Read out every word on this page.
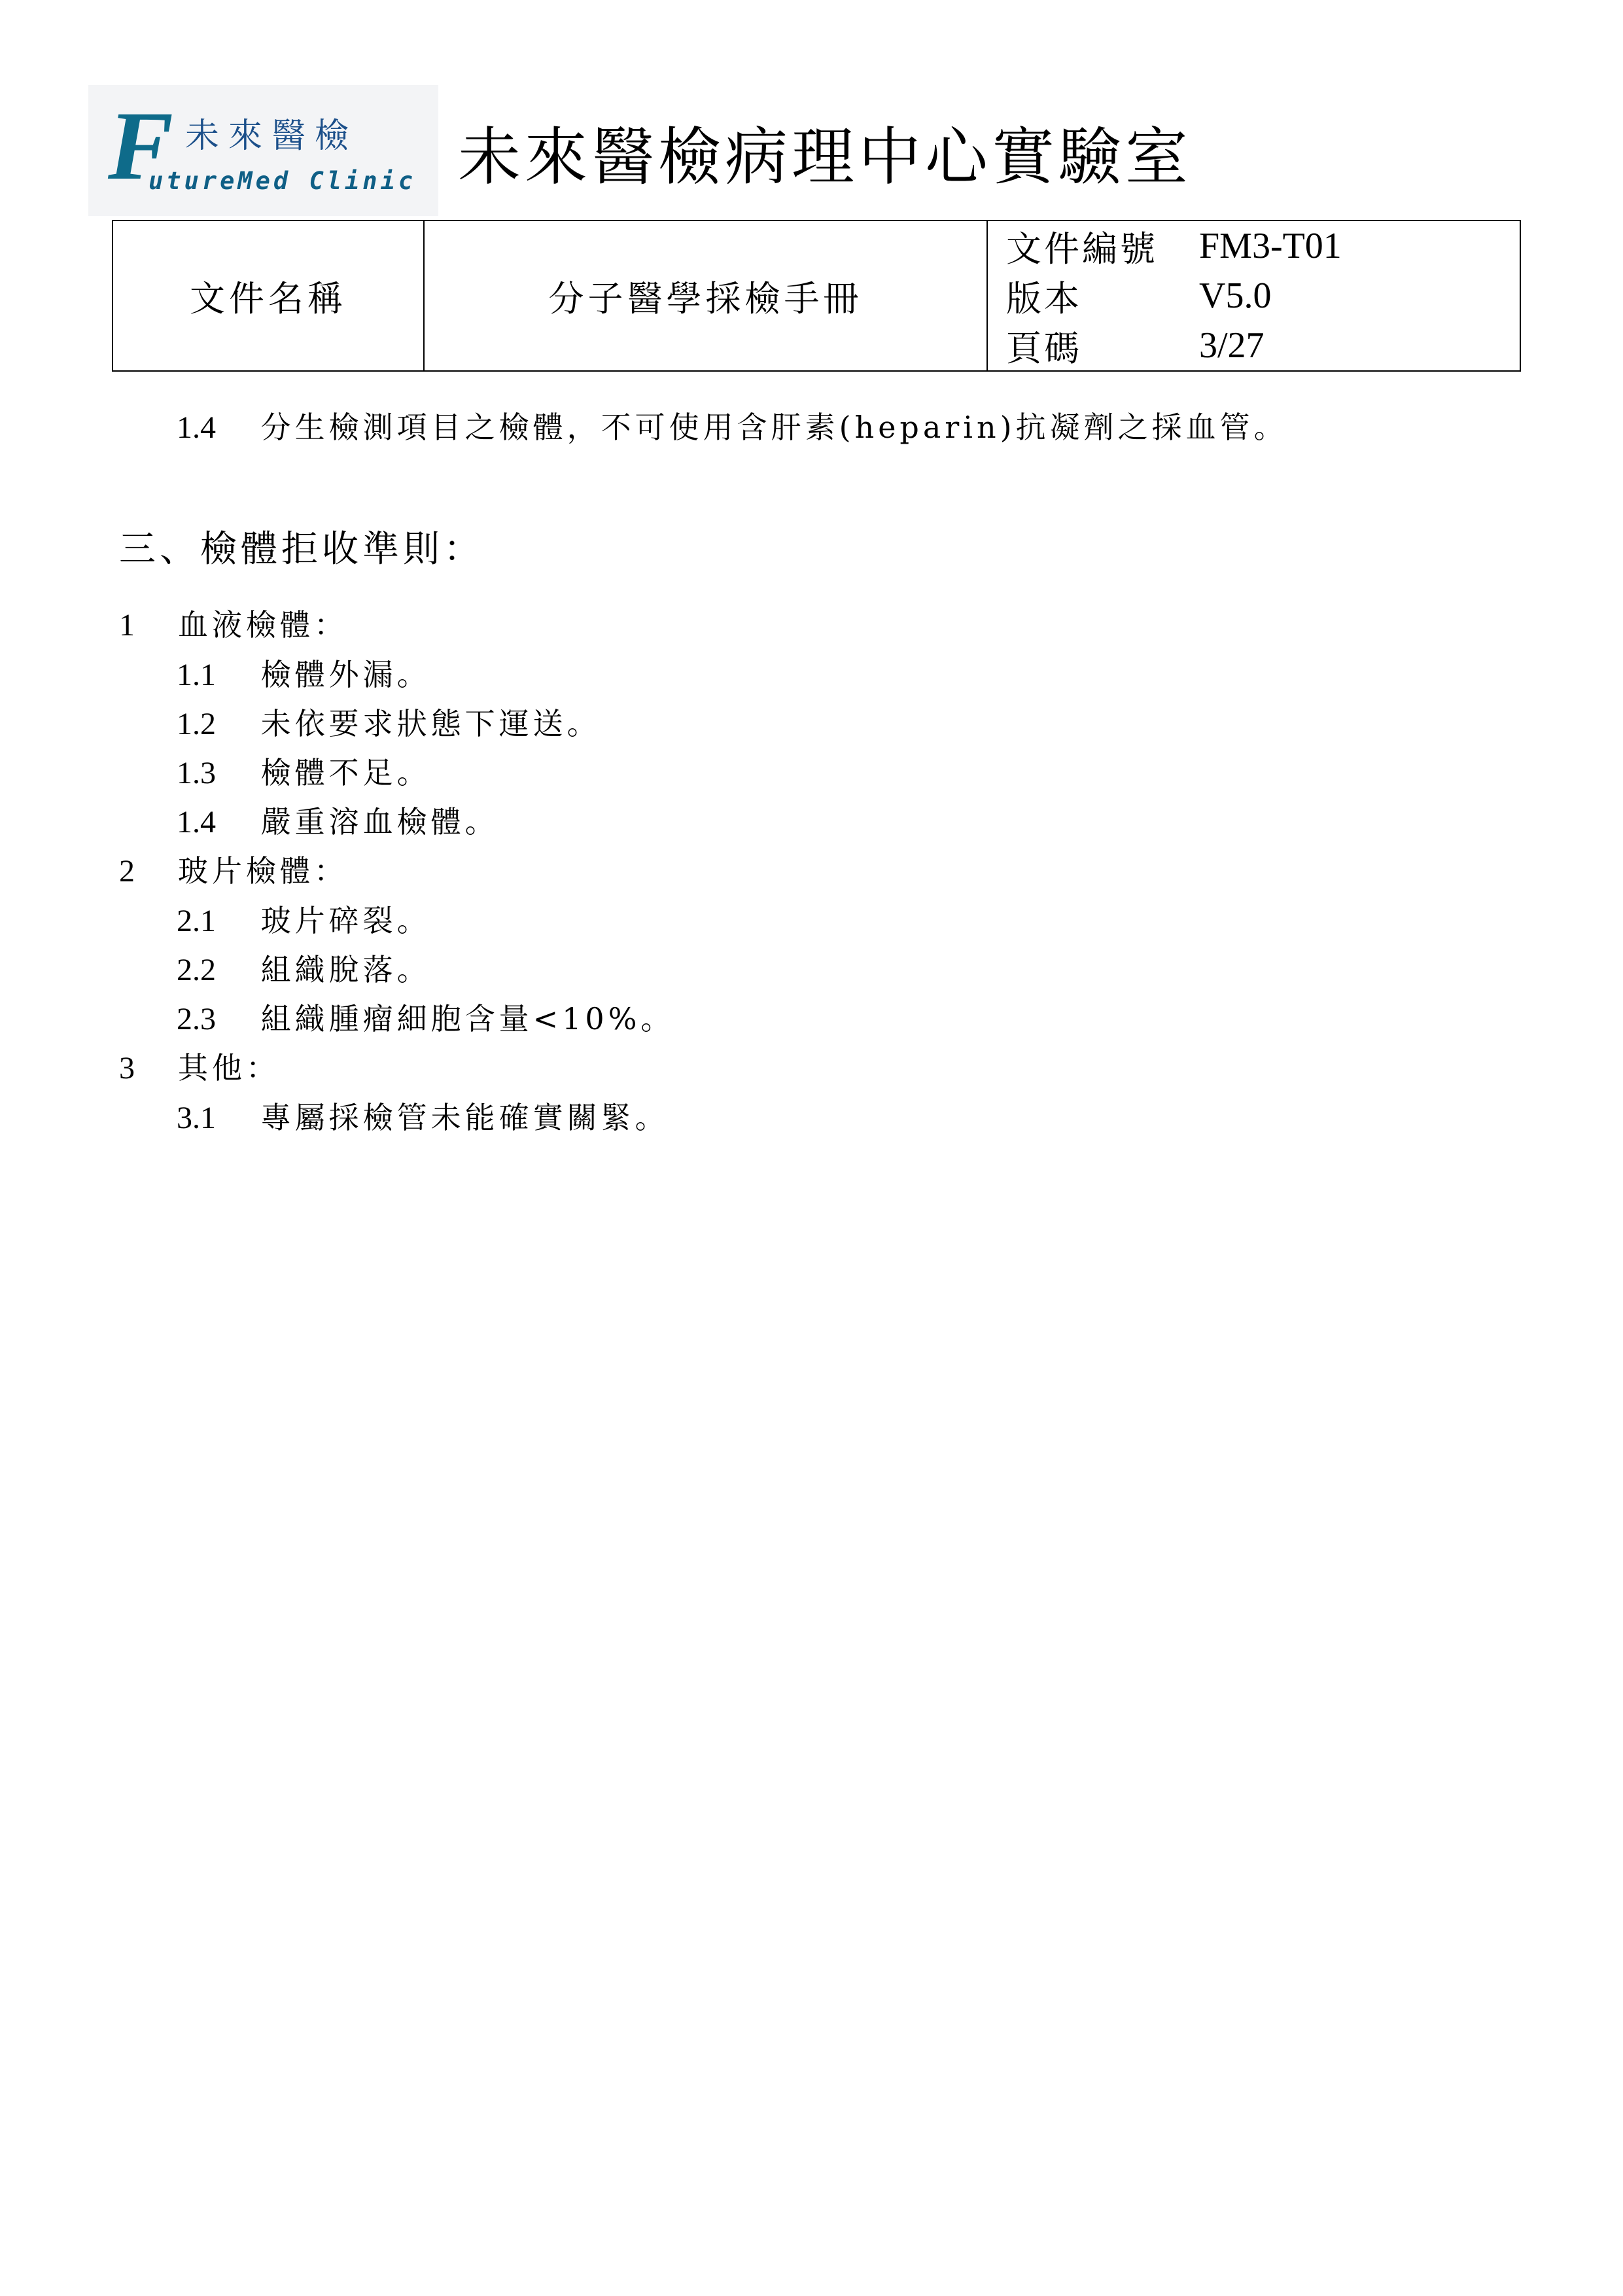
F 未來醫檢
utureMed Clinic 未來醫檢病理中心實驗室
文件名稱	分子醫學採檢手冊	
文件編號	FM3-T01
版本	V5.0
頁碼	3/27
1.4 分生檢測項目之檢體，不可使用含肝素(heparin)抗凝劑之採血管。
三、檢體拒收準則：
1 血液檢體：
1.1 檢體外漏。
1.2 未依要求狀態下運送。
1.3 檢體不足。
1.4 嚴重溶血檢體。
2 玻片檢體：
2.1 玻片碎裂。
2.2 組織脫落。
2.3 組織腫瘤細胞含量<10%。
3 其他：
3.1 專屬採檢管未能確實關緊。
